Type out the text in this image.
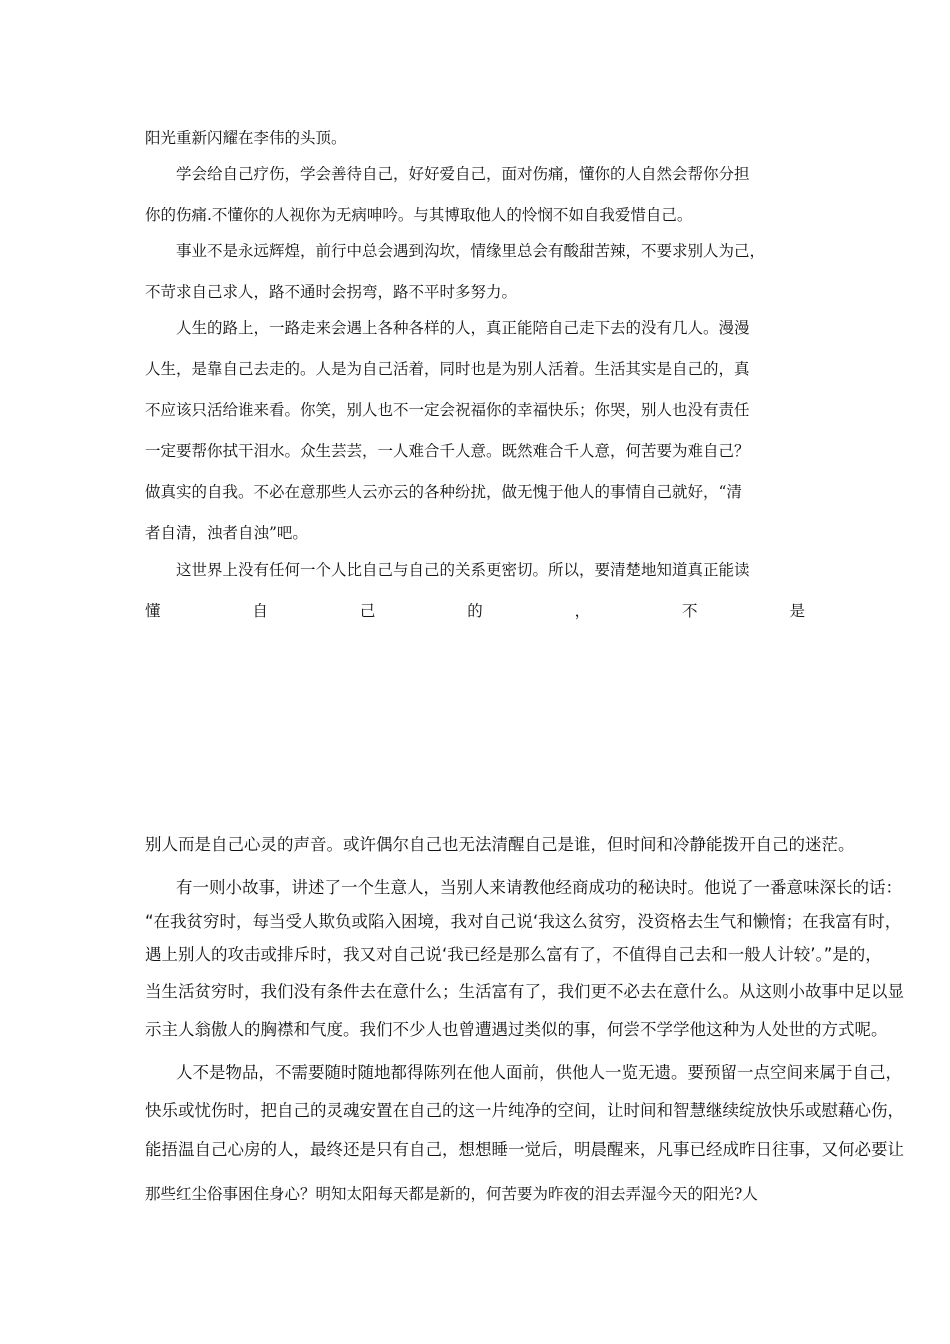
阳光重新闪耀在李伟的头顶。
学会给自己疗伤，学会善待自己，好好爱自己，面对伤痛，懂你的人自然会帮你分担
你的伤痛.不懂你的人视你为无病呻吟。与其博取他人的怜悯不如自我爱惜自己。
事业不是永远辉煌，前行中总会遇到沟坎，情缘里总会有酸甜苦辣，不要求别人为己，
不苛求自己求人，路不通时会拐弯，路不平时多努力。
人生的路上，一路走来会遇上各种各样的人，真正能陪自己走下去的没有几人。漫漫
人生，是靠自己去走的。人是为自己活着，同时也是为别人活着。生活其实是自己的，真
不应该只活给谁来看。你笑，别人也不一定会祝福你的幸福快乐；你哭，别人也没有责任
一定要帮你拭干泪水。众生芸芸，一人难合千人意。既然难合千人意，何苦要为难自己？
做真实的自我。不必在意那些人云亦云的各种纷扰，做无愧于他人的事情自己就好，“清
者自清，浊者自浊”吧。
这世界上没有任何一个人比自己与自己的关系更密切。所以，要清楚地知道真正能读
懂	自	己	的	，	不	是
别人而是自己心灵的声音。或许偶尔自己也无法清醒自己是谁，但时间和冷静能拨开自己的迷茫。
有一则小故事，讲述了一个生意人，当别人来请教他经商成功的秘诀时。他说了一番意味深长的话：
“在我贫穷时，每当受人欺负或陷入困境，我对自己说‘我这么贫穷，没资格去生气和懒惰；在我富有时，
遇上别人的攻击或排斥时，我又对自己说‘我已经是那么富有了，不值得自己去和一般人计较’。”是的，
当生活贫穷时，我们没有条件去在意什么；生活富有了，我们更不必去在意什么。从这则小故事中足以显
示主人翁傲人的胸襟和气度。我们不少人也曾遭遇过类似的事，何尝不学学他这种为人处世的方式呢。
人不是物品，不需要随时随地都得陈列在他人面前，供他人一览无遗。要预留一点空间来属于自己，
快乐或忧伤时，把自己的灵魂安置在自己的这一片纯净的空间，让时间和智慧继续绽放快乐或慰藉心伤，
能捂温自己心房的人，最终还是只有自己，想想睡一觉后，明晨醒来，凡事已经成昨日往事，又何必要让
那些红尘俗事困住身心？明知太阳每天都是新的，何苦要为昨夜的泪去弄湿今天的阳光?人
